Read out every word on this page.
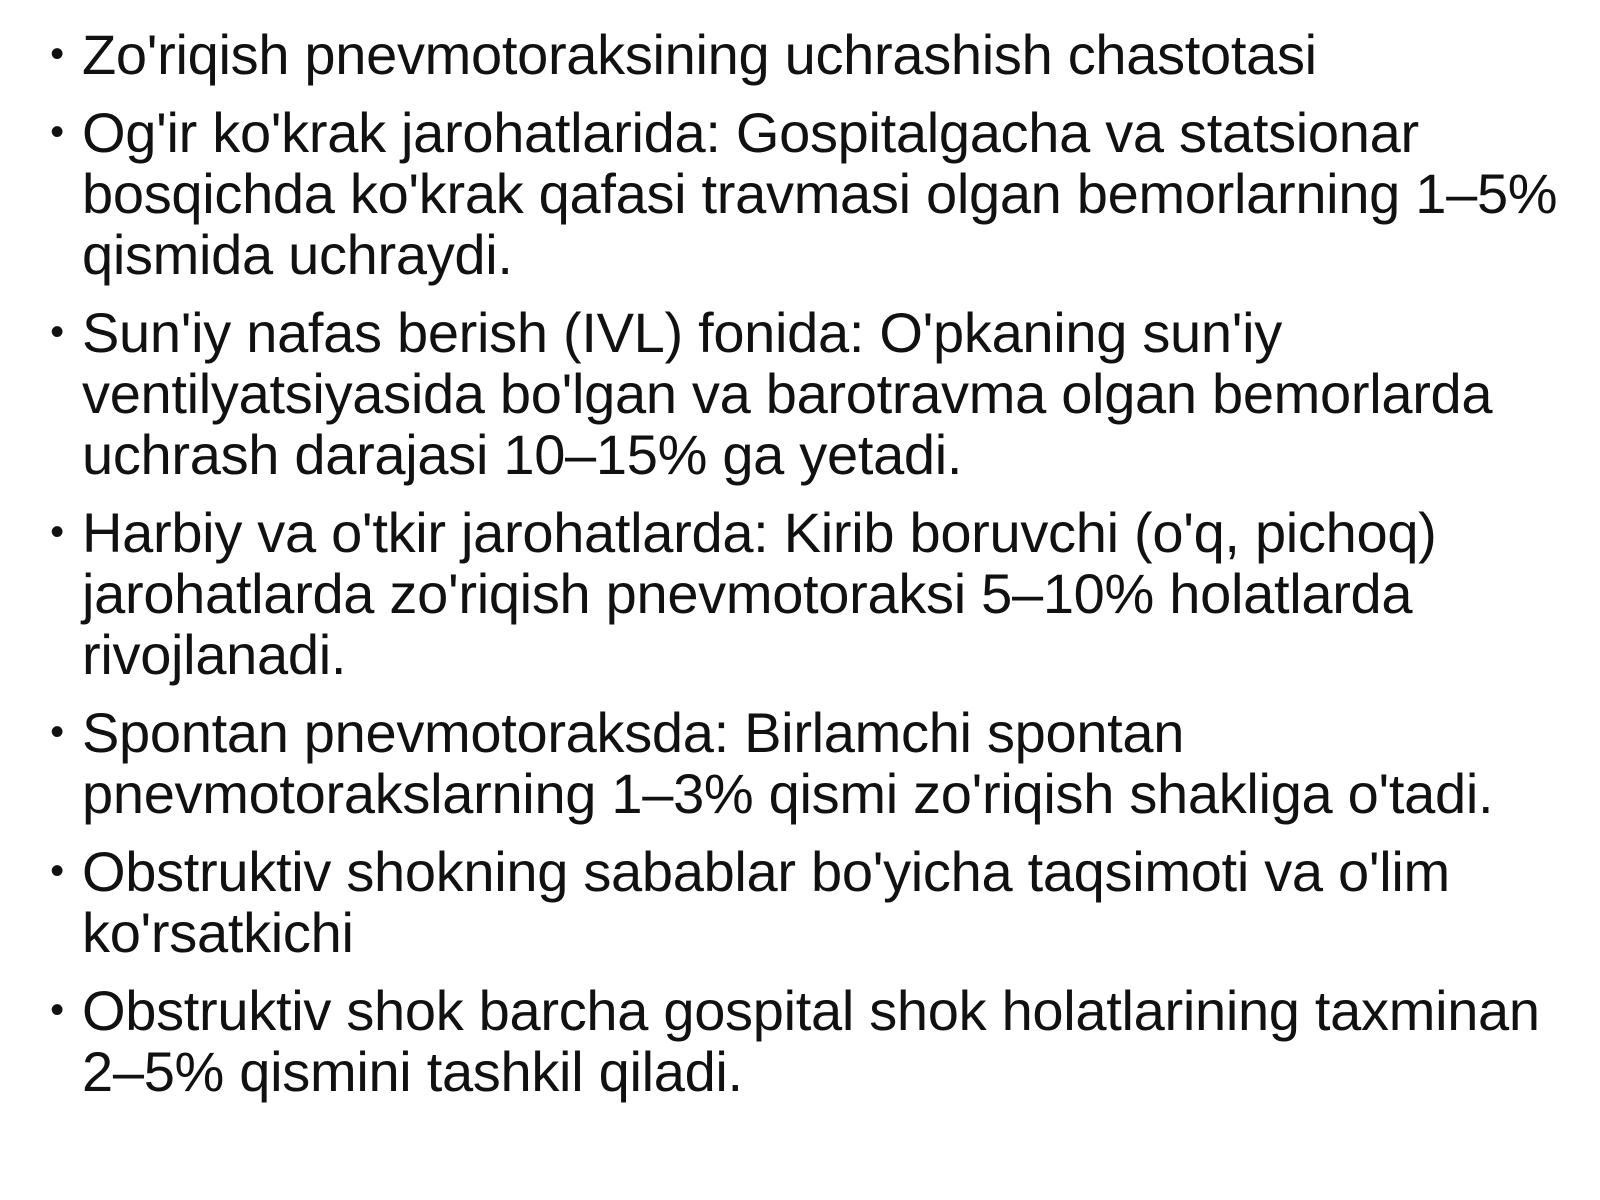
• Zo'riqish pnevmotoraksining uchrashish chastotasi
• Og'ir ko'krak jarohatlarida: Gospitalgacha va statsionar bosqichda ko'krak qafasi travmasi olgan bemorlarning 1–5% qismida uchraydi.
• Sun'iy nafas berish (IVL) fonida: O'pkaning sun'iy ventilyatsiyasida bo'lgan va barotravma olgan bemorlarda uchrash darajasi 10–15% ga yetadi.
• Harbiy va o'tkir jarohatlarda: Kirib boruvchi (o'q, pichoq) jarohatlarda zo'riqish pnevmotoraksi 5–10% holatlarda rivojlanadi.
• Spontan pnevmotoraksda: Birlamchi spontan pnevmotorakslarning 1–3% qismi zo'riqish shakliga o'tadi.
• Obstruktiv shokning sabablar bo'yicha taqsimoti va o'lim ko'rsatkichi
• Obstruktiv shok barcha gospital shok holatlarining taxminan 2–5% qismini tashkil qiladi.
